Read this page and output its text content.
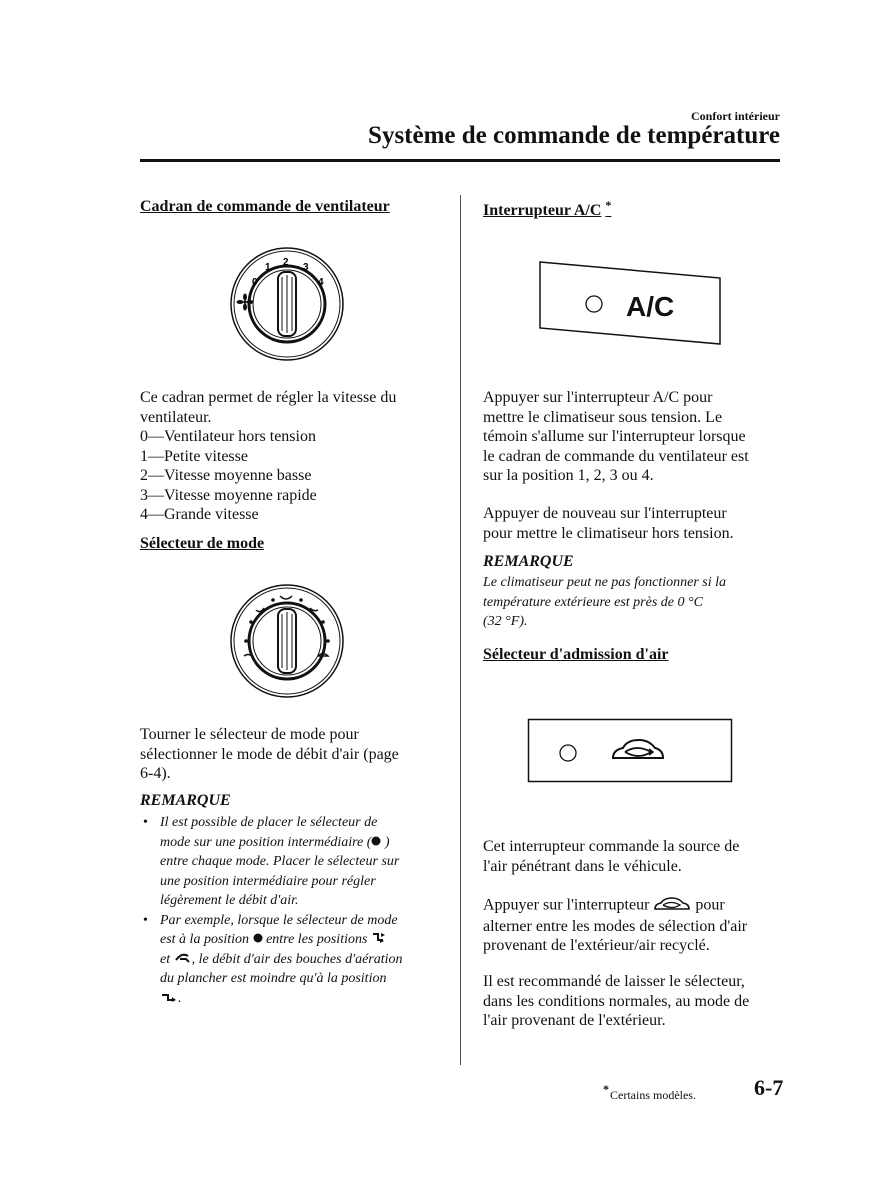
Confort intérieur
Système de commande de température
Cadran de commande de ventilateur
0
1 2 3
4

Ce cadran permet de régler la vitesse du

ventilateur.

0—Ventilateur hors tension

1—Petite vitesse

2—Vitesse moyenne basse

3—Vitesse moyenne rapide

4—Grande vitesse

Sélecteur de mode

Tourner le sélecteur de mode pour

sélectionner le mode de débit d'air (page

6-4).

REMARQUE
• Il est possible de placer le sélecteur de
mode sur une position intermédiaire ( )
entre chaque mode. Placer le sélecteur sur
une position intermédiaire pour régler
légèrement le débit d'air.
• Par exemple, lorsque le sélecteur de mode
est à la position  entre les positions
et , le débit d'air des bouches d'aération
du plancher est moindre qu'à la position
.
Interrupteur A/C *
A/C

Appuyer sur l'interrupteur A/C pour

mettre le climatiseur sous tension. Le

témoin s'allume sur l'interrupteur lorsque

le cadran de commande du ventilateur est

sur la position 1, 2, 3 ou 4.

Appuyer de nouveau sur l'interrupteur

pour mettre le climatiseur hors tension.

REMARQUE
Le climatiseur peut ne pas fonctionner si la
température extérieure est près de 0 °C
(32 °F).
Sélecteur d'admission d'air

Cet interrupteur commande la source de

l'air pénétrant dans le véhicule.

Appuyer sur l'interrupteur  pour

alterner entre les modes de sélection d'air

provenant de l'extérieur/air recyclé.

Il est recommandé de laisser le sélecteur,

dans les conditions normales, au mode de

l'air provenant de l'extérieur.

*Certains modèles.	6-7
